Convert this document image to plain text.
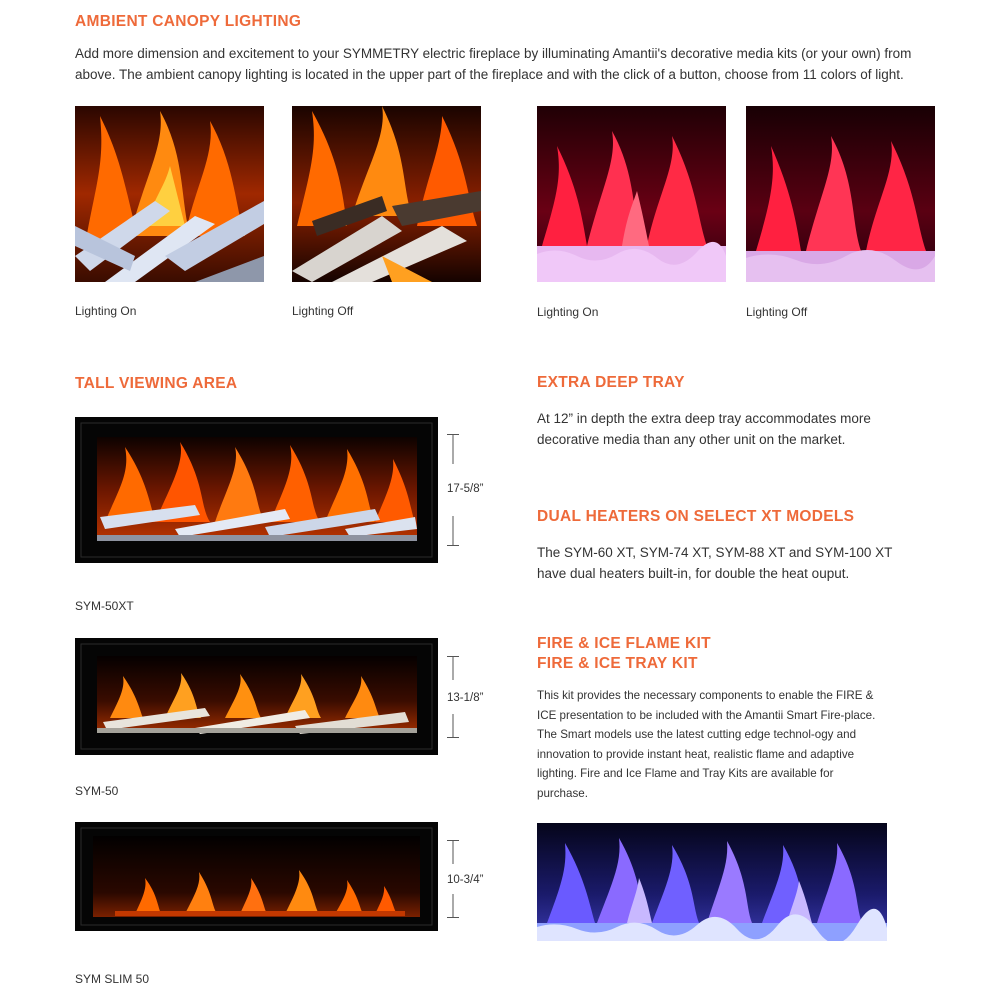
AMBIENT CANOPY LIGHTING

Add more dimension and excitement to your SYMMETRY electric fireplace by illuminating Amantii's decorative media kits (or your own) from above. The ambient canopy lighting is located in the upper part of the fireplace and with the click of a button, choose from 11 colors of light.

Lighting On	Lighting Off	Lighting On	Lighting Off

TALL VIEWING AREA

17-5/8”

SYM-50XT

13-1/8”

SYM-50

10-3/4”

SYM SLIM 50

EXTRA DEEP TRAY

At 12” in depth the extra deep tray accommodates more decorative media than any other unit on the market.

DUAL HEATERS ON SELECT XT MODELS

The SYM-60 XT, SYM-74 XT, SYM-88 XT and SYM-100 XT have dual heaters built-in, for double the heat ouput.

FIRE & ICE FLAME KIT
FIRE & ICE TRAY KIT

This kit provides the necessary components to enable the FIRE & ICE presentation to be included with the Amantii Smart Fire-place. The Smart models use the latest cutting edge technol-ogy and innovation to provide instant heat, realistic flame and adaptive lighting. Fire and Ice Flame and Tray Kits are available for purchase.
